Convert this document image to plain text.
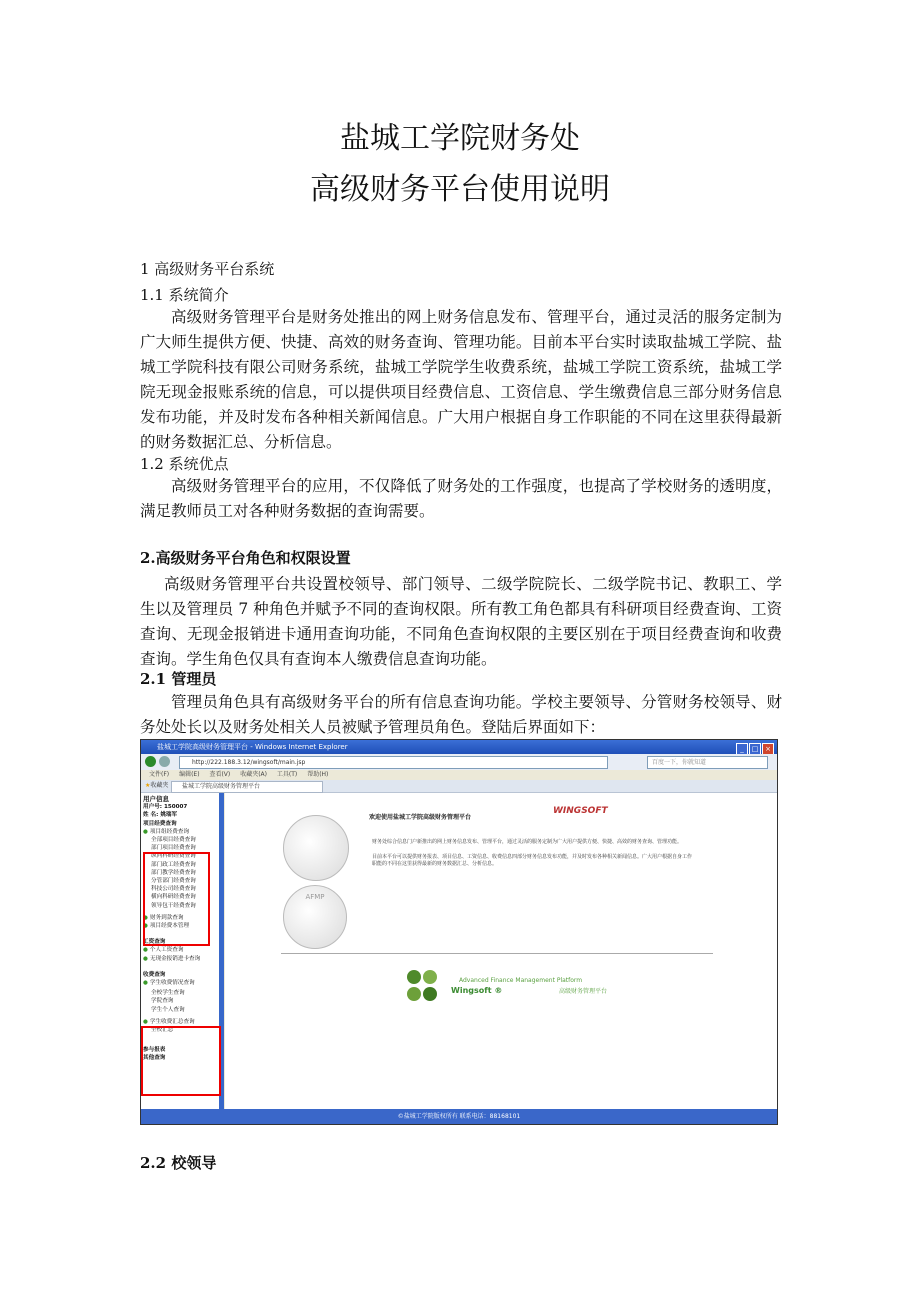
盐城工学院财务处
高级财务平台使用说明
1 高级财务平台系统
1.1 系统简介
高级财务管理平台是财务处推出的网上财务信息发布、管理平台，通过灵活的服务定制为广大师生提供方便、快捷、高效的财务查询、管理功能。目前本平台实时读取盐城工学院、盐城工学院科技有限公司财务系统，盐城工学院学生收费系统，盐城工学院工资系统，盐城工学院无现金报账系统的信息，可以提供项目经费信息、工资信息、学生缴费信息三部分财务信息发布功能，并及时发布各种相关新闻信息。广大用户根据自身工作职能的不同在这里获得最新的财务数据汇总、分析信息。
1.2 系统优点
高级财务管理平台的应用，不仅降低了财务处的工作强度，也提高了学校财务的透明度，满足教师员工对各种财务数据的查询需要。
2.高级财务平台角色和权限设置
高级财务管理平台共设置校领导、部门领导、二级学院院长、二级学院书记、教职工、学生以及管理员 7 种角色并赋予不同的查询权限。所有教工角色都具有科研项目经费查询、工资查询、无现金报销进卡通用查询功能，不同角色查询权限的主要区别在于项目经费查询和收费查询。学生角色仅具有查询本人缴费信息查询功能。
2.1 管理员
管理员角色具有高级财务平台的所有信息查询功能。学校主要领导、分管财务校领导、财务处处长以及财务处相关人员被赋予管理员角色。登陆后界面如下：
盐城工学院高级财务管理平台 - Windows Internet Explorer	_ □ ×
http://222.188.3.12/wingsoft/main.jsp	百度一下，你就知道
文件(F) 编辑(E) 查看(V) 收藏夹(A) 工具(T) 帮助(H)
★收藏夹	盐城工学院高级财务管理平台
用户信息
用户号: 150007
姓 名: 姚瑞军
项目经费查询
● 项目组经费查询
全部项目经费查询
部门项目经费查询
纵向科研经费查询
部门政工经费查询
部门教学经费查询
分管部门经费查询
科技公司经费查询
横向科研经费查询
领导包干经费查询
● 财务到款查询
● 项目经费本管理
工资查询
● 个人工资查询
● 无现金报销进卡查询
收费查询
● 学生收费情况查询
全校学生查询
学院查询
学生个人查询
● 学生收费汇总查询
全校汇总
参与报表
其他查询
欢迎使用盐城工学院高级财务管理平台
WINGSOFT
财务处综合信息门户新推出的网上财务信息发布、管理平台，通过灵活的服务定制为广大用户提供方便、快捷、高效的财务查询、管理功能。
目前本平台可以提供财务报表、项目信息、工资信息、收费信息四部分财务信息发布功能，并及时发布各种相关新闻信息。广大用户根据自身工作职能的不同在这里获得最新的财务数据汇总、分析信息。
AFMP
Advanced Finance Management Platform
Wingsoft ®	高级财务管理平台
©盐城工学院版权所有 联系电话：88168101
2.2 校领导
